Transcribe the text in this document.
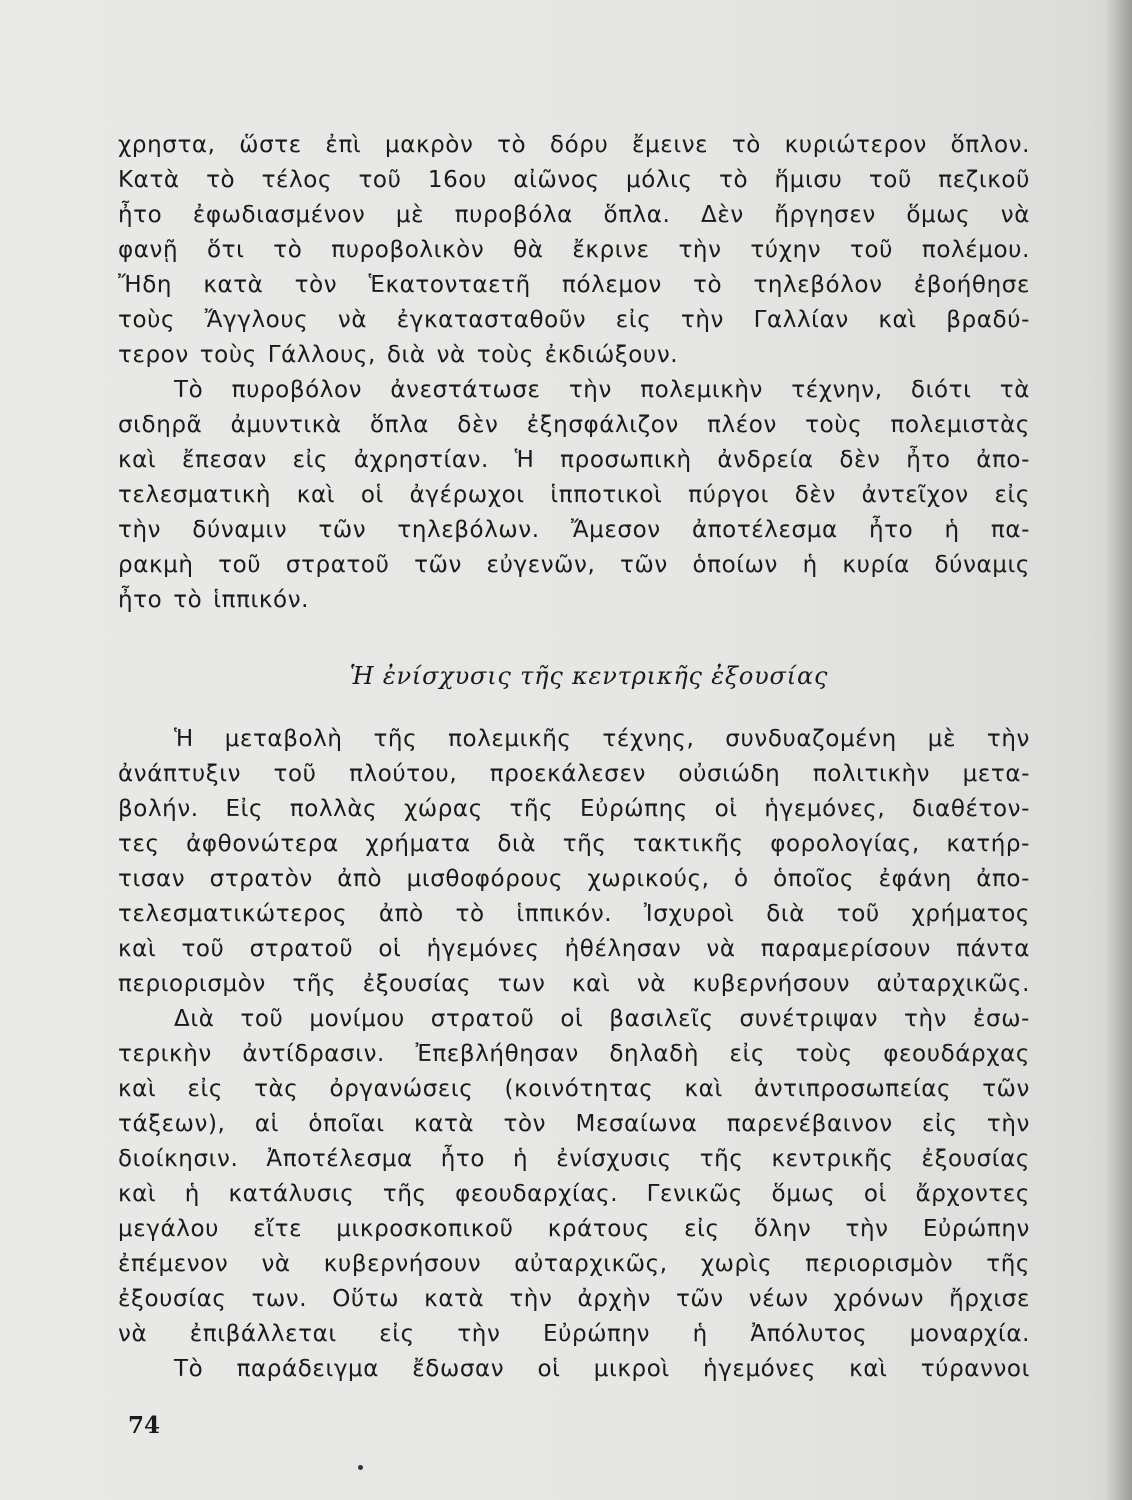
χρηστα, ὥστε ἐπὶ μακρὸν τὸ δόρυ ἔμεινε τὸ κυριώτερον ὅπλον.
Κατὰ τὸ τέλος τοῦ 16ου αἰῶνος μόλις τὸ ἥμισυ τοῦ πεζικοῦ
ἦτο ἐφωδιασμένον μὲ πυροβόλα ὅπλα. Δὲν ἤργησεν ὅμως νὰ
φανῇ ὅτι τὸ πυροβολικὸν θὰ ἔκρινε τὴν τύχην τοῦ πολέμου.
Ἤδη κατὰ τὸν Ἑκατονταετῆ πόλεμον τὸ τηλεβόλον ἐβοήθησε
τοὺς Ἄγγλους νὰ ἐγκατασταθοῦν εἰς τὴν Γαλλίαν καὶ βραδύ-
τερον τοὺς Γάλλους, διὰ νὰ τοὺς ἐκδιώξουν.
Τὸ πυροβόλον ἀνεστάτωσε τὴν πολεμικὴν τέχνην, διότι τὰ
σιδηρᾶ ἀμυντικὰ ὅπλα δὲν ἐξησφάλιζον πλέον τοὺς πολεμιστὰς
καὶ ἔπεσαν εἰς ἀχρηστίαν. Ἡ προσωπικὴ ἀνδρεία δὲν ἦτο ἀπο-
τελεσματικὴ καὶ οἱ ἀγέρωχοι ἱπποτικοὶ πύργοι δὲν ἀντεῖχον εἰς
τὴν δύναμιν τῶν τηλεβόλων. Ἄμεσον ἀποτέλεσμα ἦτο ἡ πα-
ρακμὴ τοῦ στρατοῦ τῶν εὐγενῶν, τῶν ὁποίων ἡ κυρία δύναμις
ἦτο τὸ ἱππικόν.
Ἡ ἐνίσχυσις τῆς κεντρικῆς ἐξουσίας
Ἡ μεταβολὴ τῆς πολεμικῆς τέχνης, συνδυαζομένη μὲ τὴν
ἀνάπτυξιν τοῦ πλούτου, προεκάλεσεν οὐσιώδη πολιτικὴν μετα-
βολήν. Εἰς πολλὰς χώρας τῆς Εὐρώπης οἱ ἡγεμόνες, διαθέτον-
τες ἀφθονώτερα χρήματα διὰ τῆς τακτικῆς φορολογίας, κατήρ-
τισαν στρατὸν ἀπὸ μισθοφόρους χωρικούς, ὁ ὁποῖος ἐφάνη ἀπο-
τελεσματικώτερος ἀπὸ τὸ ἱππικόν. Ἰσχυροὶ διὰ τοῦ χρήματος
καὶ τοῦ στρατοῦ οἱ ἡγεμόνες ἠθέλησαν νὰ παραμερίσουν πάντα
περιορισμὸν τῆς ἐξουσίας των καὶ νὰ κυβερνήσουν αὐταρχικῶς.
Διὰ τοῦ μονίμου στρατοῦ οἱ βασιλεῖς συνέτριψαν τὴν ἐσω-
τερικὴν ἀντίδρασιν. Ἐπεβλήθησαν δηλαδὴ εἰς τοὺς φεουδάρχας
καὶ εἰς τὰς ὀργανώσεις (κοινότητας καὶ ἀντιπροσωπείας τῶν
τάξεων), αἱ ὁποῖαι κατὰ τὸν Μεσαίωνα παρενέβαινον εἰς τὴν
διοίκησιν. Ἀποτέλεσμα ἦτο ἡ ἐνίσχυσις τῆς κεντρικῆς ἐξουσίας
καὶ ἡ κατάλυσις τῆς φεουδαρχίας. Γενικῶς ὅμως οἱ ἄρχοντες
μεγάλου εἴτε μικροσκοπικοῦ κράτους εἰς ὅλην τὴν Εὐρώπην
ἐπέμενον νὰ κυβερνήσουν αὐταρχικῶς, χωρὶς περιορισμὸν τῆς
ἐξουσίας των. Οὕτω κατὰ τὴν ἀρχὴν τῶν νέων χρόνων ἤρχισε
νὰ ἐπιβάλλεται εἰς τὴν Εὐρώπην ἡ Ἀπόλυτος μοναρχία.
Τὸ παράδειγμα ἔδωσαν οἱ μικροὶ ἡγεμόνες καὶ τύραννοι
74
